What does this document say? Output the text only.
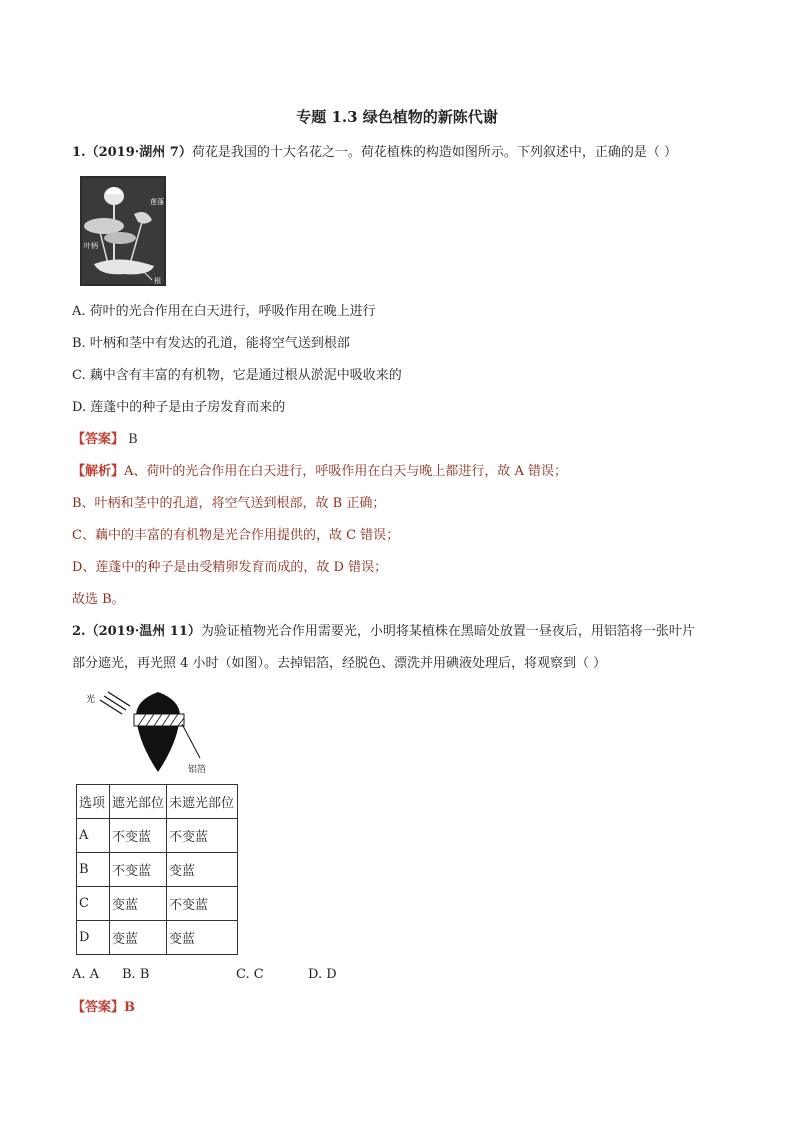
专题 1.3 绿色植物的新陈代谢
1.（2019·湖州 7）荷花是我国的十大名花之一。荷花植株的构造如图所示。下列叙述中，正确的是（ ）
莲蓬
叶柄
根
A. 荷叶的光合作用在白天进行，呼吸作用在晚上进行
B. 叶柄和茎中有发达的孔道，能将空气送到根部
C. 藕中含有丰富的有机物，它是通过根从淤泥中吸收来的
D. 莲蓬中的种子是由子房发育而来的
【答案】 B
【解析】A、荷叶的光合作用在白天进行，呼吸作用在白天与晚上都进行，故 A 错误；
B、叶柄和茎中的孔道，将空气送到根部，故 B 正确；
C、藕中的丰富的有机物是光合作用提供的，故 C 错误；
D、莲蓬中的种子是由受精卵发育而成的，故 D 错误；
故选 B。
2.（2019·温州 11）为验证植物光合作用需要光，小明将某植株在黑暗处放置一昼夜后，用铝箔将一张叶片
部分遮光，再光照 4 小时（如图）。去掉铝箔，经脱色、漂洗并用碘液处理后，将观察到（ ）
光
铝箔
选项	遮光部位	未遮光部位
A	不变蓝	不变蓝
B	不变蓝	变蓝
C	变蓝	不变蓝
D	变蓝	变蓝
A. A B. B	C. C	D. D
【答案】B
